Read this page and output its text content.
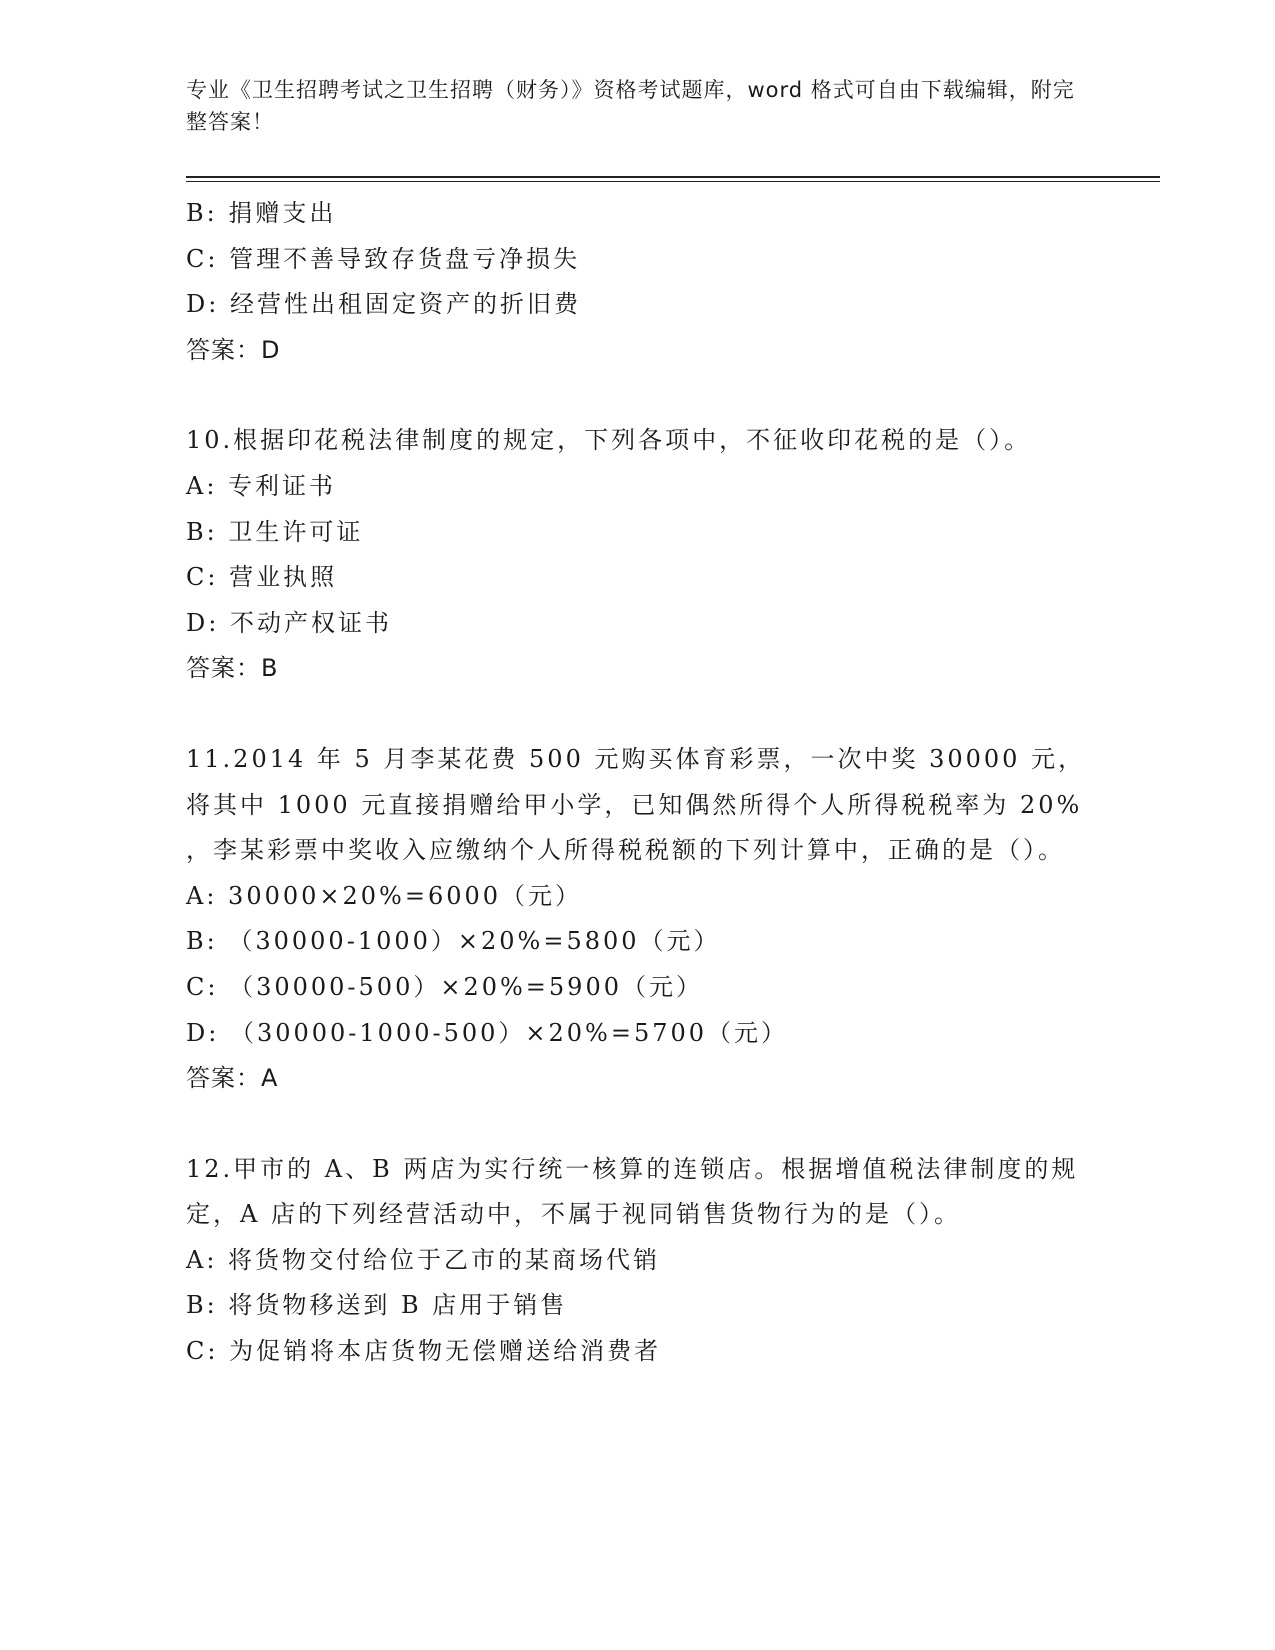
专业《卫生招聘考试之卫生招聘（财务）》资格考试题库，word 格式可自由下载编辑，附完整答案！
B: 捐赠支出
C: 管理不善导致存货盘亏净损失
D: 经营性出租固定资产的折旧费
答案：D
10.根据印花税法律制度的规定，下列各项中，不征收印花税的是（）。
A: 专利证书
B: 卫生许可证
C: 营业执照
D: 不动产权证书
答案：B
11.2014 年 5 月李某花费 500 元购买体育彩票，一次中奖 30000 元，将其中 1000 元直接捐赠给甲小学，已知偶然所得个人所得税税率为 20% ，李某彩票中奖收入应缴纳个人所得税税额的下列计算中，正确的是（）。
A: 30000×20%=6000（元）
B: （30000-1000）×20%=5800（元）
C: （30000-500）×20%=5900（元）
D: （30000-1000-500）×20%=5700（元）
答案：A
12.甲市的 A、B 两店为实行统一核算的连锁店。根据增值税法律制度的规定，A 店的下列经营活动中，不属于视同销售货物行为的是（）。
A: 将货物交付给位于乙市的某商场代销
B: 将货物移送到 B 店用于销售
C: 为促销将本店货物无偿赠送给消费者
